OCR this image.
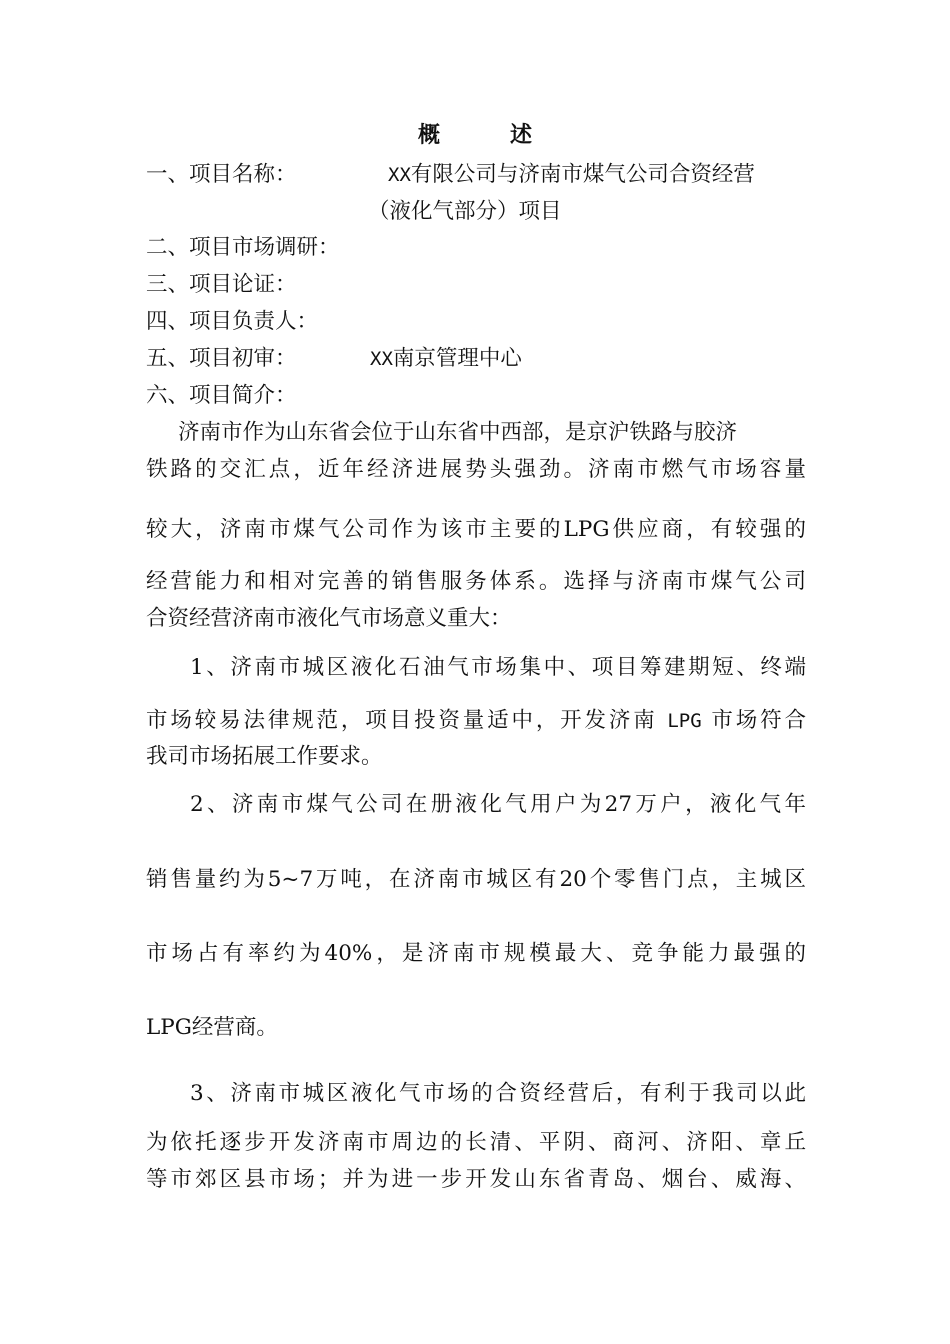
概	述

一、项目名称：	XX有限公司与济南市煤气公司合资经营
（液化气部分）项目

二、项目市场调研：

三、项目论证：

四、项目负责人：

五、项目初审：	XX南京管理中心

六、项目简介：

济南市作为山东省会位于山东省中西部，是京沪铁路与胶济

铁路的交汇点，近年经济进展势头强劲。济南市燃气市场容量

较大，济南市煤气公司作为该市主要的LPG供应商，有较强的

经营能力和相对完善的销售服务体系。选择与济南市煤气公司

合资经营济南市液化气市场意义重大：

1、济南市城区液化石油气市场集中、项目筹建期短、终端

市场较易法律规范，项目投资量适中，开发济南 LPG 市场符合

我司市场拓展工作要求。

2、济南市煤气公司在册液化气用户为27万户，液化气年

销售量约为5~7万吨，在济南市城区有20个零售门点，主城区

市场占有率约为40%，是济南市规模最大、竞争能力最强的

LPG经营商。

3、济南市城区液化气市场的合资经营后，有利于我司以此

为依托逐步开发济南市周边的长清、平阴、商河、济阳、章丘

等市郊区县市场；并为进一步开发山东省青岛、烟台、威海、
